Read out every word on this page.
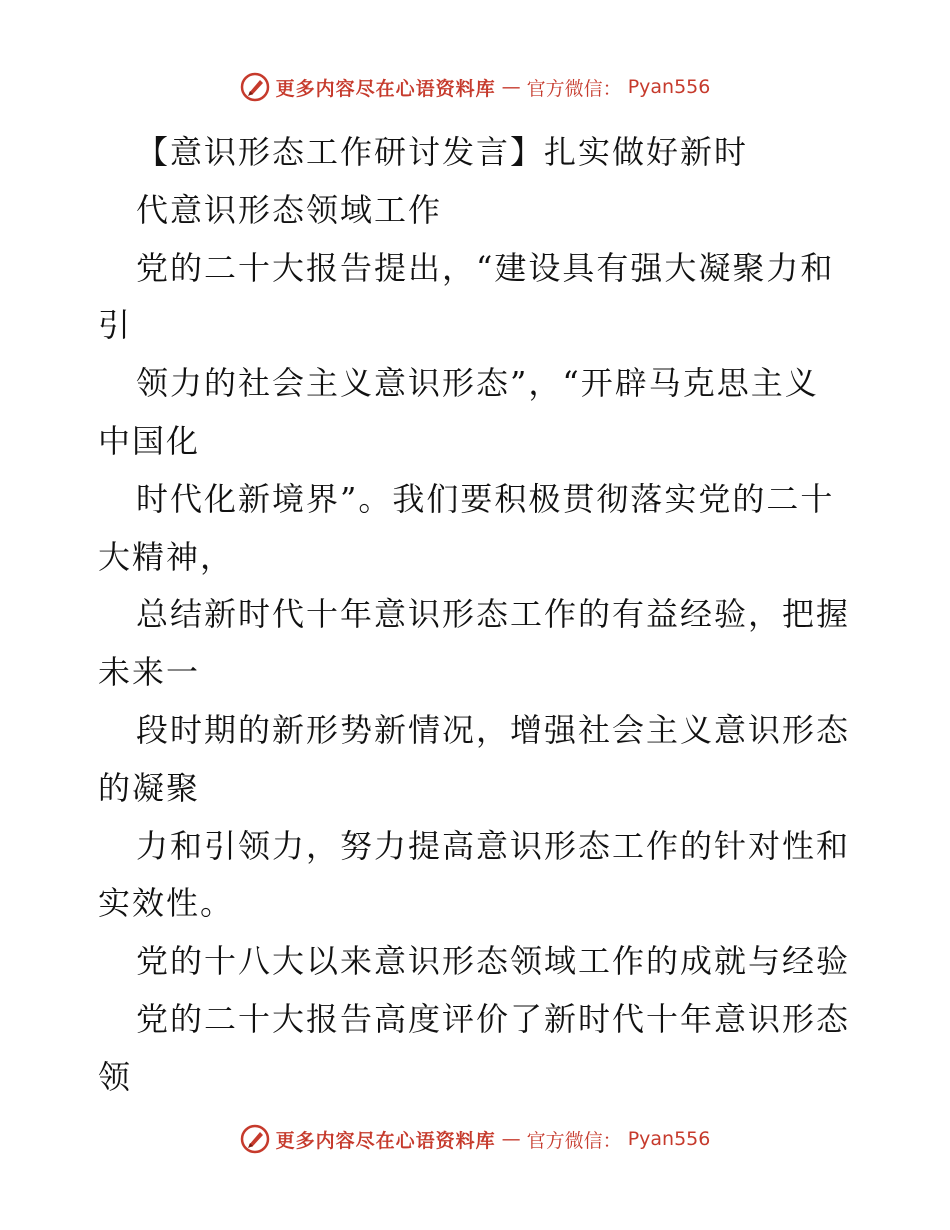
更多内容尽在心语资料库 — 官方微信： Pyan556
【意识形态工作研讨发言】扎实做好新时
代意识形态领域工作
党的二十大报告提出，“建设具有强大凝聚力和
引
领力的社会主义意识形态”，“开辟马克思主义
中国化
时代化新境界”。我们要积极贯彻落实党的二十
大精神，
总结新时代十年意识形态工作的有益经验，把握
未来一
段时期的新形势新情况，增强社会主义意识形态
的凝聚
力和引领力，努力提高意识形态工作的针对性和
实效性。
党的十八大以来意识形态领域工作的成就与经验
党的二十大报告高度评价了新时代十年意识形态
领
更多内容尽在心语资料库 — 官方微信： Pyan556
